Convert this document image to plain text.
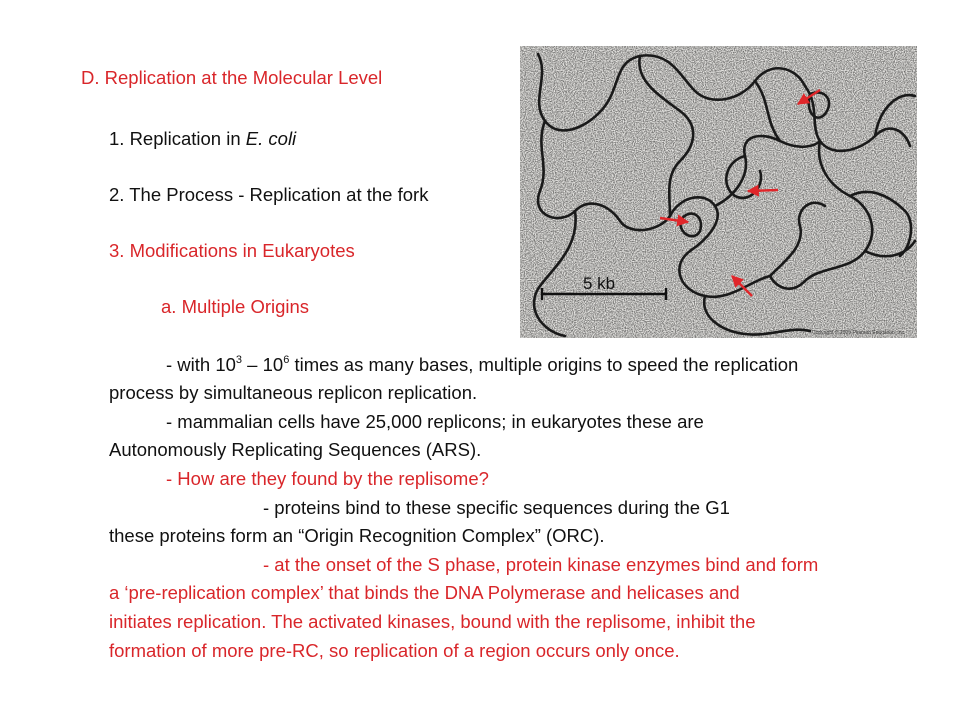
D. Replication at the Molecular Level
1. Replication in E. coli
2. The Process - Replication at the fork
3. Modifications in Eukaryotes
a. Multiple Origins
- with $10^3 - 10^6$ times as many bases, multiple origins to speed the replication
process by simultaneous replicon replication.
- mammalian cells have 25,000 replicons; in eukaryotes these are
Autonomously Replicating Sequences (ARS).
- How are they found by the replisome?
- proteins bind to these specific sequences during the G1
these proteins form an “Origin Recognition Complex” (ORC).
- at the onset of the S phase, protein kinase enzymes bind and form
a ‘pre-replication complex’ that binds the DNA Polymerase and helicases and
initiates replication. The activated kinases, bound with the replisome, inhibit the
formation of more pre-RC, so replication of a region occurs only once.
5 kb
Copyright © 2009 Pearson Education, Inc.
